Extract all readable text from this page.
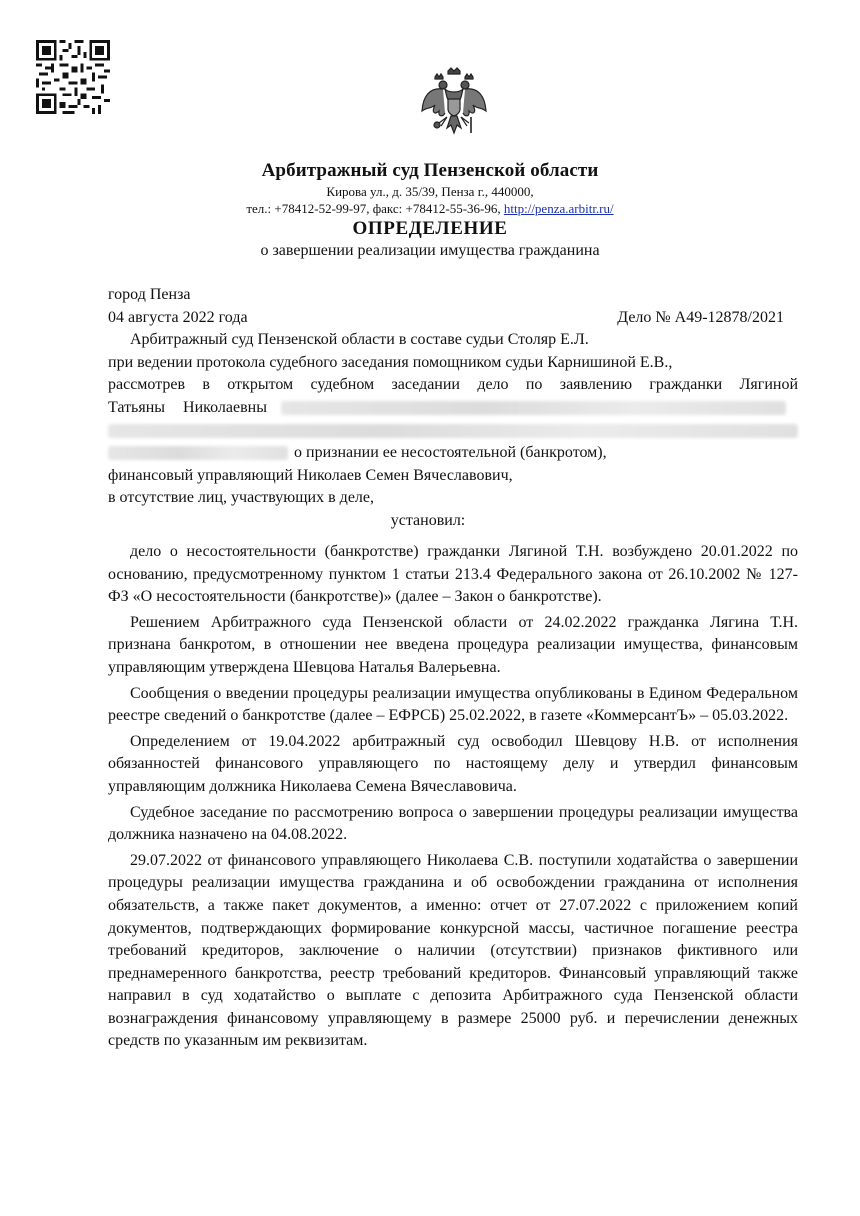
Арбитражный суд Пензенской области
Кирова ул., д. 35/39, Пенза г., 440000,
тел.: +78412-52-99-97, факс: +78412-55-36-96, http://penza.arbitr.ru/
ОПРЕДЕЛЕНИЕ
о завершении реализации имущества гражданина
город Пенза
04 августа 2022 года	Дело № А49-12878/2021
Арбитражный суд Пензенской области в составе судьи Столяр Е.Л.
при ведении протокола судебного заседания помощником судьи Карнишиной Е.В.,
рассмотрев в открытом судебном заседании дело по заявлению гражданки Лягиной
Татьяны Николаевны
о признании ее несостоятельной (банкротом),
финансовый управляющий Николаев Семен Вячеславович,
в отсутствие лиц, участвующих в деле,
установил:

дело о несостоятельности (банкротстве) гражданки Лягиной Т.Н. возбуждено 20.01.2022 по основанию, предусмотренному пунктом 1 статьи 213.4 Федерального закона от 26.10.2002 № 127-ФЗ «О несостоятельности (банкротстве)» (далее – Закон о банкротстве).

Решением Арбитражного суда Пензенской области от 24.02.2022 гражданка Лягина Т.Н. признана банкротом, в отношении нее введена процедура реализации имущества, финансовым управляющим утверждена Шевцова Наталья Валерьевна.

Сообщения о введении процедуры реализации имущества опубликованы в Едином Федеральном реестре сведений о банкротстве (далее – ЕФРСБ) 25.02.2022, в газете «КоммерсантЪ» – 05.03.2022.

Определением от 19.04.2022 арбитражный суд освободил Шевцову Н.В. от исполнения обязанностей финансового управляющего по настоящему делу и утвердил финансовым управляющим должника Николаева Семена Вячеславовича.

Судебное заседание по рассмотрению вопроса о завершении процедуры реализации имущества должника назначено на 04.08.2022.

29.07.2022 от финансового управляющего Николаева С.В. поступили ходатайства о завершении процедуры реализации имущества гражданина и об освобождении гражданина от исполнения обязательств, а также пакет документов, а именно: отчет от 27.07.2022 с приложением копий документов, подтверждающих формирование конкурсной массы, частичное погашение реестра требований кредиторов, заключение о наличии (отсутствии) признаков фиктивного или преднамеренного банкротства, реестр требований кредиторов. Финансовый управляющий также направил в суд ходатайство о выплате с депозита Арбитражного суда Пензенской области вознаграждения финансовому управляющему в размере 25000 руб. и перечислении денежных средств по указанным им реквизитам.
